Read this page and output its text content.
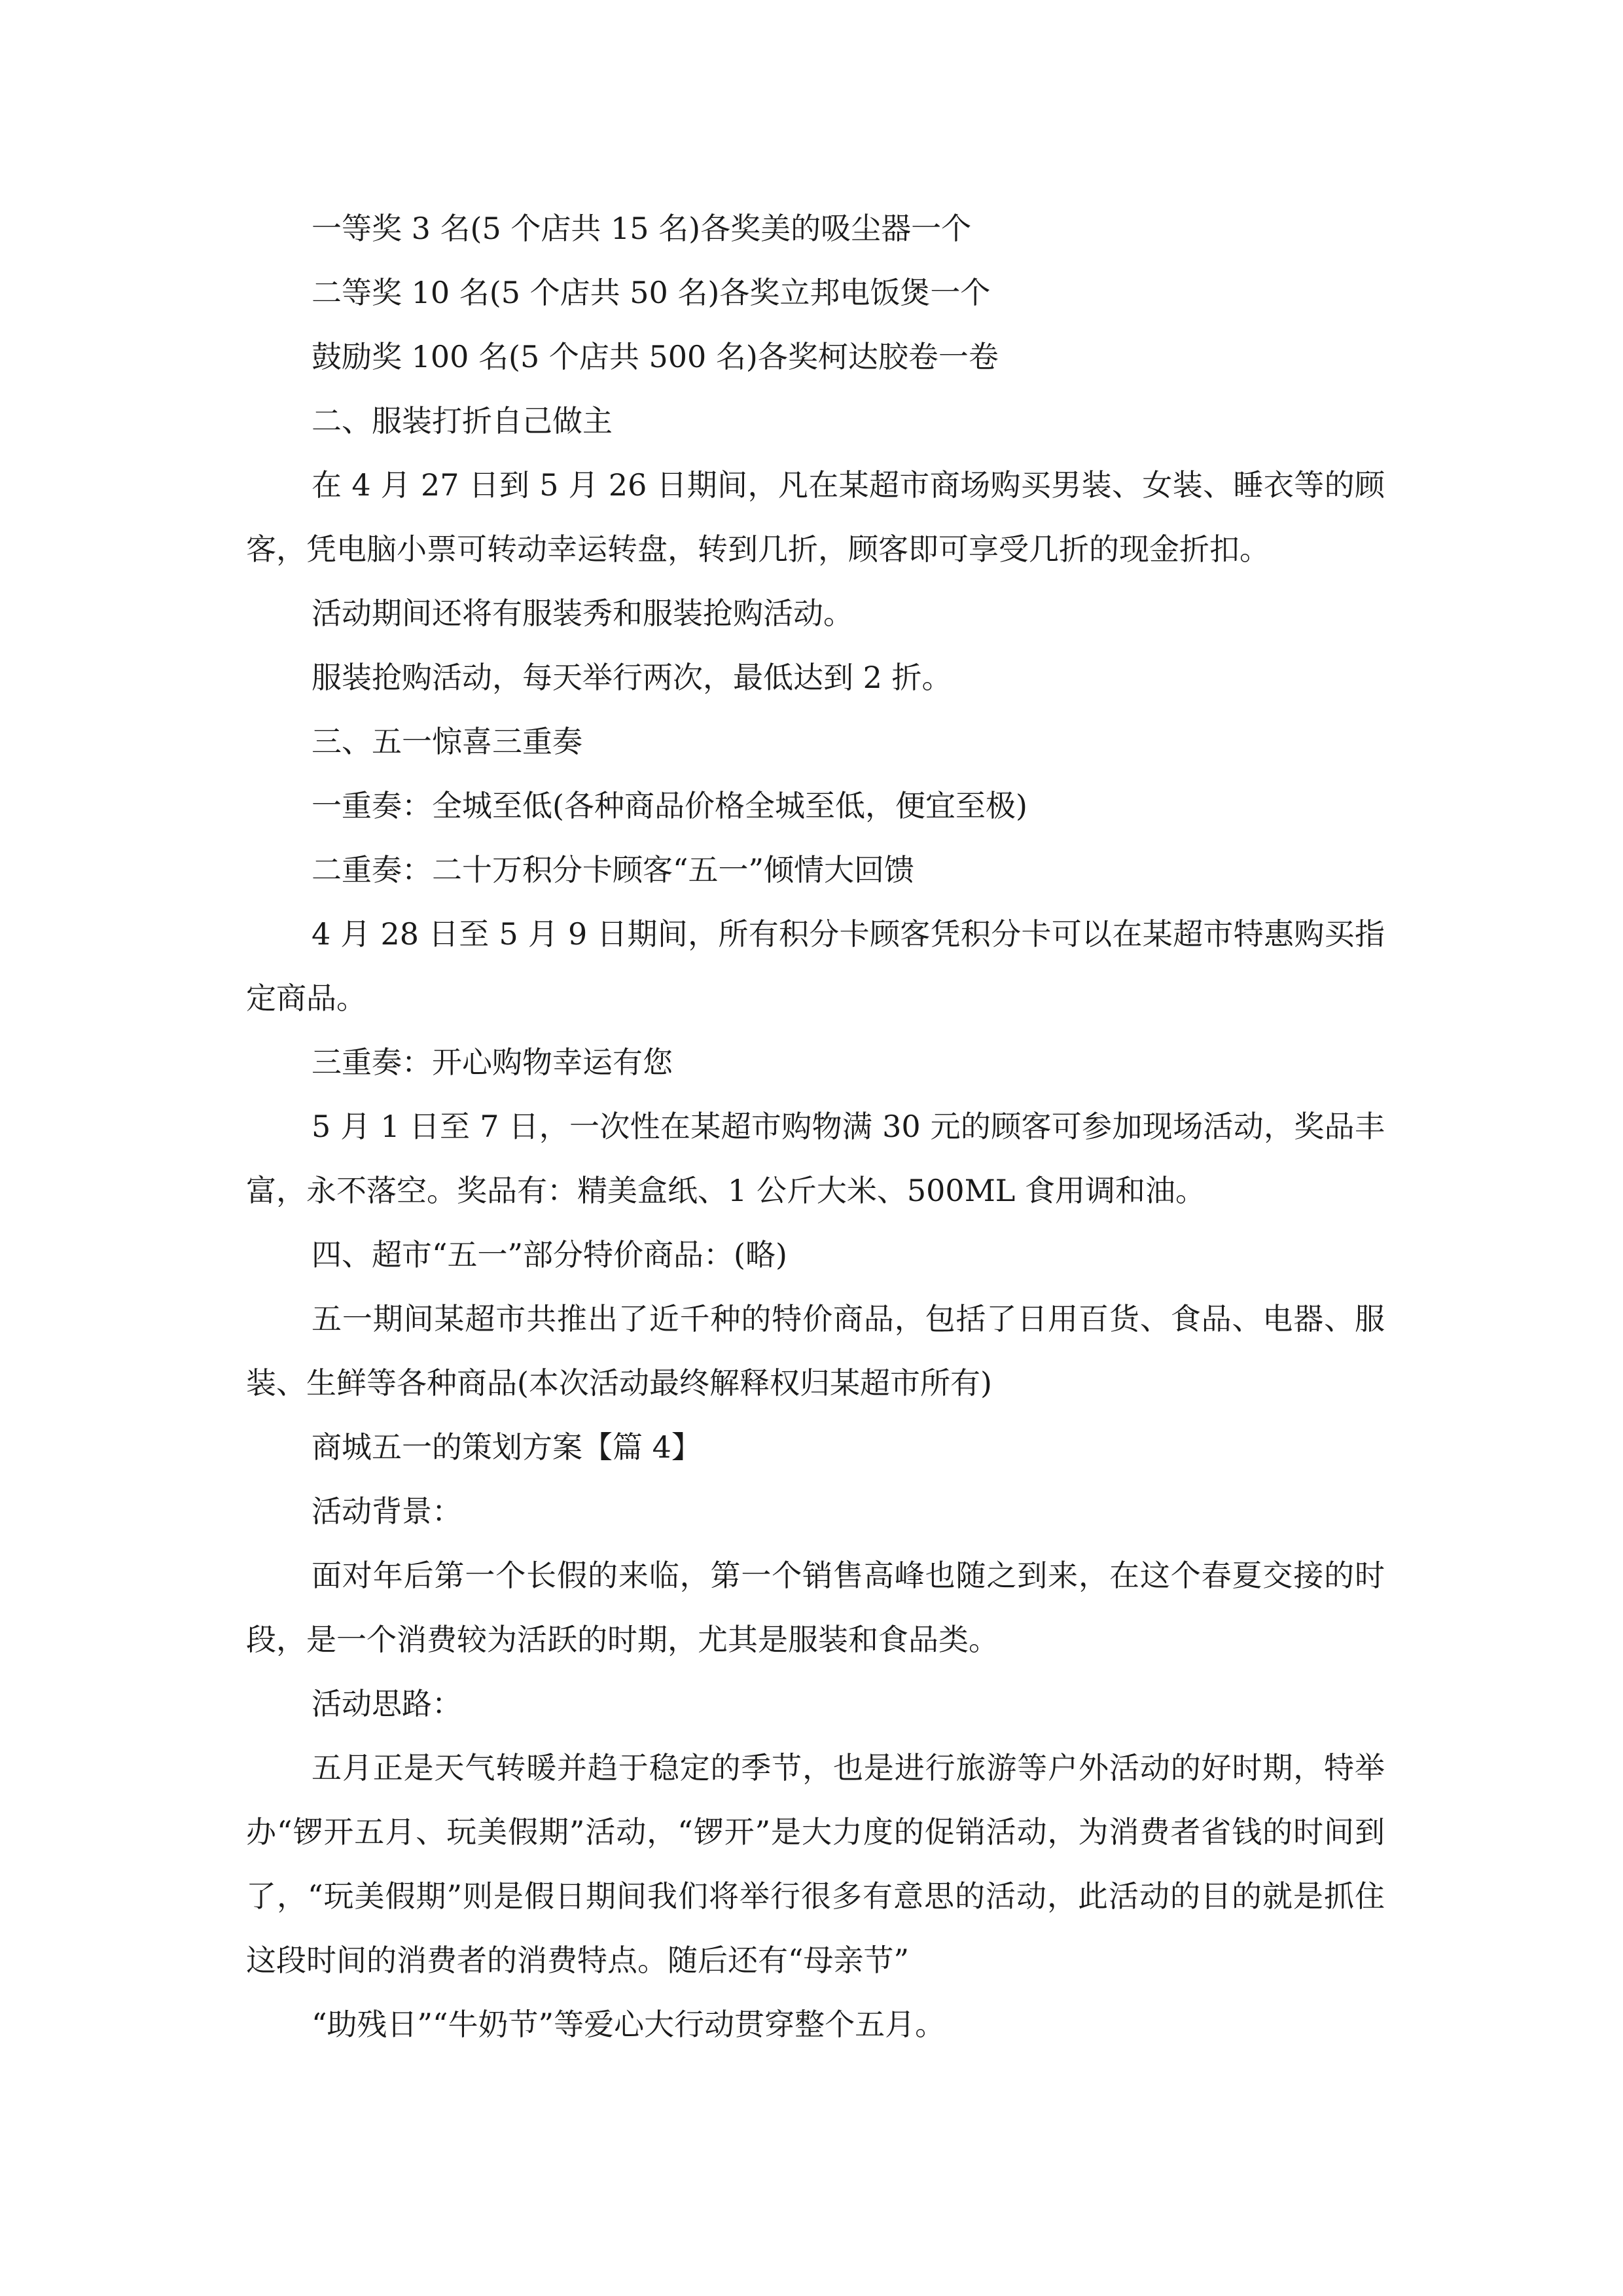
一等奖 3 名(5 个店共 15 名)各奖美的吸尘器一个

二等奖 10 名(5 个店共 50 名)各奖立邦电饭煲一个

鼓励奖 100 名(5 个店共 500 名)各奖柯达胶卷一卷

二、服装打折自己做主

在 4 月 27 日到 5 月 26 日期间，凡在某超市商场购买男装、女装、睡衣等的顾客，凭电脑小票可转动幸运转盘，转到几折，顾客即可享受几折的现金折扣。

活动期间还将有服装秀和服装抢购活动。

服装抢购活动，每天举行两次，最低达到 2 折。

三、五一惊喜三重奏

一重奏：全城至低(各种商品价格全城至低，便宜至极)

二重奏：二十万积分卡顾客“五一”倾情大回馈

4 月 28 日至 5 月 9 日期间，所有积分卡顾客凭积分卡可以在某超市特惠购买指定商品。

三重奏：开心购物幸运有您

5 月 1 日至 7 日，一次性在某超市购物满 30 元的顾客可参加现场活动，奖品丰富，永不落空。奖品有：精美盒纸、1 公斤大米、500ML 食用调和油。

四、超市“五一”部分特价商品：(略)

五一期间某超市共推出了近千种的特价商品，包括了日用百货、食品、电器、服装、生鲜等各种商品(本次活动最终解释权归某超市所有)

商城五一的策划方案【篇 4】

活动背景：

面对年后第一个长假的来临，第一个销售高峰也随之到来，在这个春夏交接的时段，是一个消费较为活跃的时期，尤其是服装和食品类。

活动思路：

五月正是天气转暖并趋于稳定的季节，也是进行旅游等户外活动的好时期，特举办“锣开五月、玩美假期”活动，“锣开”是大力度的促销活动，为消费者省钱的时间到了，“玩美假期”则是假日期间我们将举行很多有意思的活动，此活动的目的就是抓住这段时间的消费者的消费特点。随后还有“母亲节”

“助残日”“牛奶节”等爱心大行动贯穿整个五月。
